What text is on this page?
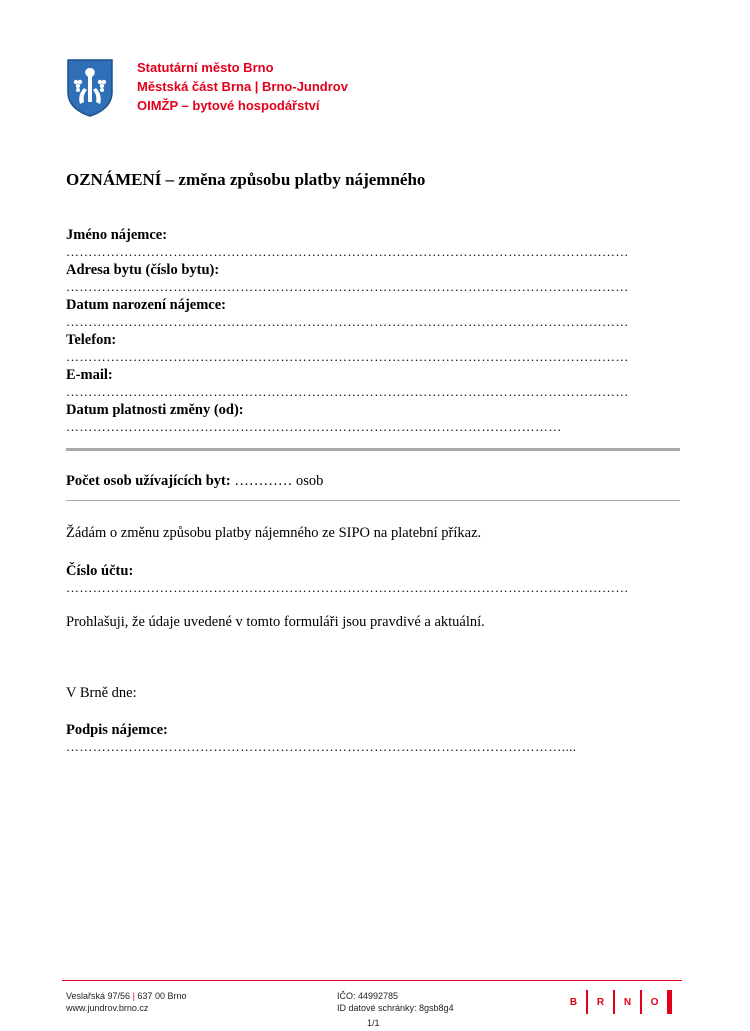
Statutární město Brno
Městská část Brna | Brno-Jundrov
OIMŽP – bytové hospodářství
OZNÁMENÍ – změna způsobu platby nájemného
Jméno nájemce:
………………………………………………………………………………………………………………
Adresa bytu (číslo bytu):
………………………………………………………………………………………………………………
Datum narození nájemce:
………………………………………………………………………………………………………………
Telefon:
………………………………………………………………………………………………………………
E-mail:
………………………………………………………………………………………………………………
Datum platnosti změny (od):
…………………………………………………………………………………………………
Počet osob užívajících byt: ………… osob
Žádám o změnu způsobu platby nájemného ze SIPO na platební příkaz.
Číslo účtu:
………………………………………………………………………………………………………………
Prohlašuji, že údaje uvedené v tomto formuláři jsou pravdivé a aktuální.
V Brně dne:
Podpis nájemce:
…………………………………………………………………………………………………....
Veslařská 97/56 | 637 00 Brno
www.jundrov.brno.cz
IČO: 44992785
ID datové schránky: 8gsb8g4
1/1
B R N O
